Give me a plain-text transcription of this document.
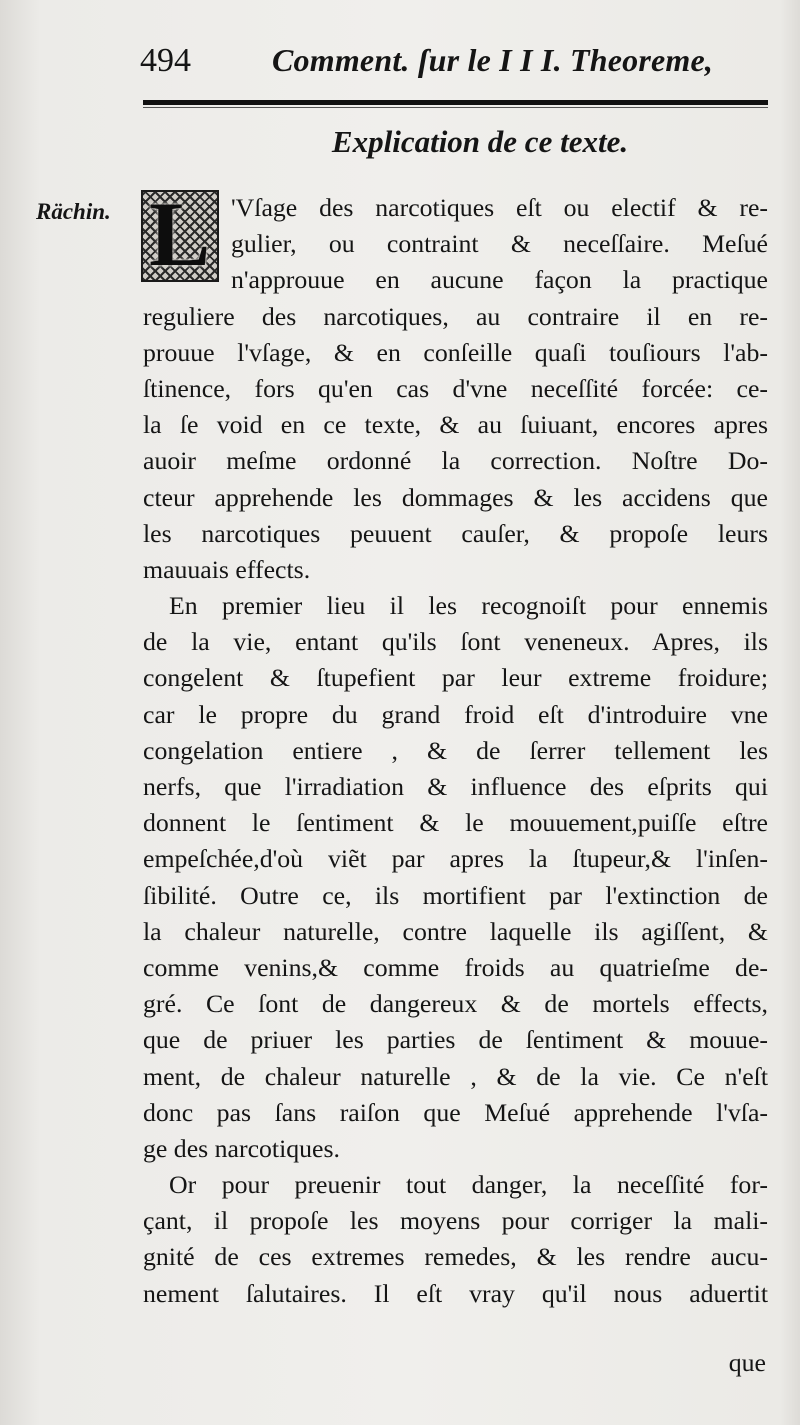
494	Comment. ſur le I I I. Theoreme,
Explication de ce texte.
Rächin. L 'Vſage des narcotiques eſt ou electif & re-
gulier, ou contraint & neceſſaire. Meſué
n'approuue en aucune façon la practique
reguliere des narcotiques, au contraire il en re-
prouue l'vſage, & en conſeille quaſi touſiours l'ab-
ſtinence, fors qu'en cas d'vne neceſſité forcée: ce-
la ſe void en ce texte, & au ſuiuant, encores apres
auoir meſme ordonné la correction. Noſtre Do-
cteur apprehende les dommages & les accidens que
les narcotiques peuuent cauſer, & propoſe leurs
mauuais effects.
En premier lieu il les recognoiſt pour ennemis
de la vie, entant qu'ils ſont veneneux. Apres, ils
congelent & ſtupefient par leur extreme froidure;
car le propre du grand froid eſt d'introduire vne
congelation entiere , & de ſerrer tellement les
nerfs, que l'irradiation & influence des eſprits qui
donnent le ſentiment & le mouuement,puiſſe eſtre
empeſchée,d'où viẽt par apres la ſtupeur,& l'inſen-
ſibilité. Outre ce, ils mortifient par l'extinction de
la chaleur naturelle, contre laquelle ils agiſſent, &
comme venins,& comme froids au quatrieſme de-
gré. Ce ſont de dangereux & de mortels effects,
que de priuer les parties de ſentiment & mouue-
ment, de chaleur naturelle , & de la vie. Ce n'eſt
donc pas ſans raiſon que Meſué apprehende l'vſa-
ge des narcotiques.
Or pour preuenir tout danger, la neceſſité for-
çant, il propoſe les moyens pour corriger la mali-
gnité de ces extremes remedes, & les rendre aucu-
nement ſalutaires. Il eſt vray qu'il nous aduertit
que
